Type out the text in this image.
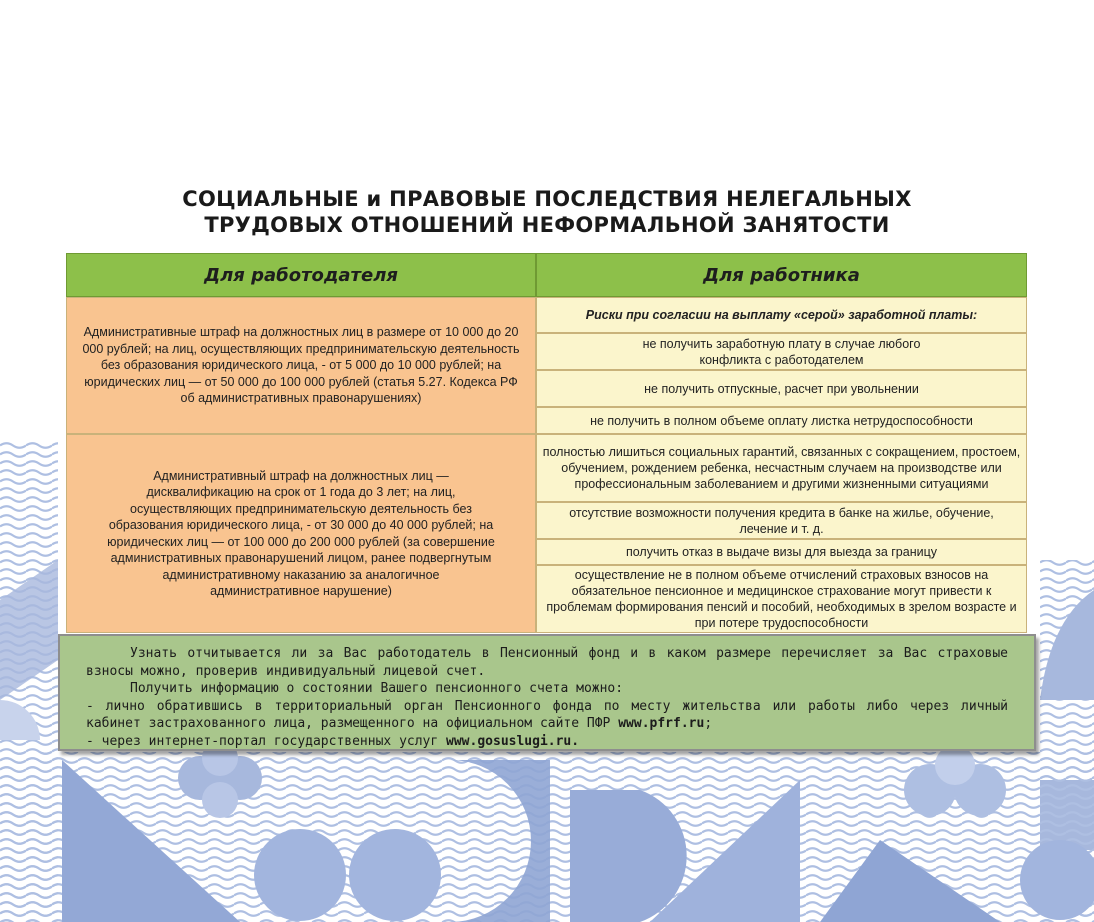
СОЦИАЛЬНЫЕ и ПРАВОВЫЕ ПОСЛЕДСТВИЯ НЕЛЕГАЛЬНЫХ
ТРУДОВЫХ ОТНОШЕНИЙ НЕФОРМАЛЬНОЙ ЗАНЯТОСТИ
Для работодателя	Для работника
Административные штраф на должностных лиц в размере от 10 000 до 20 000 рублей; на лиц, осуществляющих предпринимательскую деятельность без образования юридического лица, - от 5 000 до 10 000 рублей; на юридических лиц — от 50 000 до 100 000 рублей (статья 5.27. Кодекса РФ об административных правонарушениях)
Административный штраф на должностных лиц — дисквалификацию на срок от 1 года до 3 лет; на лиц, осуществляющих предпринимательскую деятельность без образования юридического лица, - от 30 000 до 40 000 рублей; на юридических лиц — от 100 000 до 200 000 рублей (за совершение административных правонарушений лицом, ранее подвергнутым административному наказанию за аналогичное административное нарушение)
Риски при согласии на выплату «серой» заработной платы:
не получить заработную плату в случае любого конфликта с работодателем
не получить отпускные, расчет при увольнении
не получить в полном объеме оплату листка нетрудоспособности
полностью лишиться социальных гарантий, связанных с сокращением, простоем, обучением, рождением ребенка, несчастным случаем на производстве или профессиональным заболеванием и другими жизненными ситуациями
отсутствие возможности получения кредита в банке на жилье, обучение, лечение и т. д.
получить отказ в выдаче визы для выезда за границу
осуществление не в полном объеме отчислений страховых взносов на обязательное пенсионное и медицинское страхование могут привести к проблемам формирования пенсий и пособий, необходимых в зрелом возрасте и при потере трудоспособности

Узнать отчитывается ли за Вас работодатель в Пенсионный фонд и в каком размере перечисляет за Вас страховые взносы можно, проверив индивидуальный лицевой счет.

Получить информацию о состоянии Вашего пенсионного счета можно:

- лично обратившись в территориальный орган Пенсионного фонда по месту жительства или работы либо через личный кабинет застрахованного лица, размещенного на официальном сайте ПФР www.pfrf.ru;

- через интернет-портал государственных услуг www.gosuslugi.ru.
